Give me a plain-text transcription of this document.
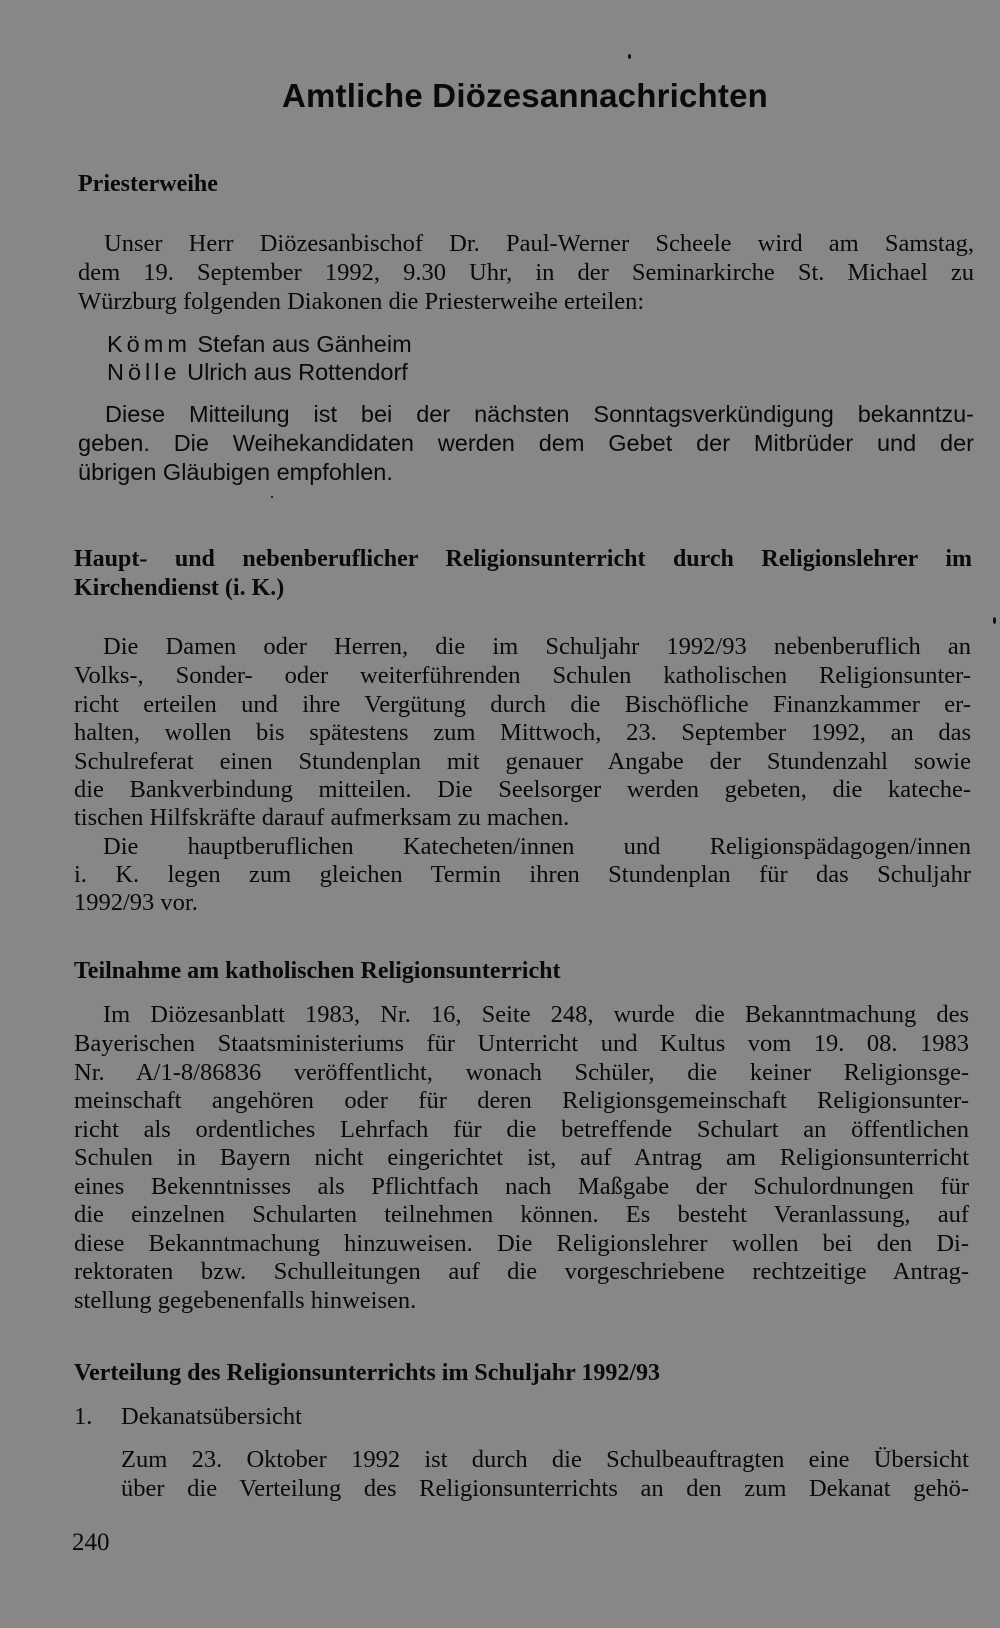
Amtliche Diözesannachrichten
Priesterweihe
Unser Herr Diözesanbischof Dr. Paul-Werner Scheele wird am Samstag,
dem 19. September 1992, 9.30 Uhr, in der Seminarkirche St. Michael zu
Würzburg folgenden Diakonen die Priesterweihe erteilen:
Kömm Stefan aus Gänheim
Nölle Ulrich aus Rottendorf
Diese Mitteilung ist bei der nächsten Sonntagsverkündigung bekanntzu-
geben. Die Weihekandidaten werden dem Gebet der Mitbrüder und der
übrigen Gläubigen empfohlen.
Haupt- und nebenberuflicher Religionsunterricht durch Religionslehrer im
Kirchendienst (i. K.)
Die Damen oder Herren, die im Schuljahr 1992/93 nebenberuflich an
Volks-, Sonder- oder weiterführenden Schulen katholischen Religionsunter-
richt erteilen und ihre Vergütung durch die Bischöfliche Finanzkammer er-
halten, wollen bis spätestens zum Mittwoch, 23. September 1992, an das
Schulreferat einen Stundenplan mit genauer Angabe der Stundenzahl sowie
die Bankverbindung mitteilen. Die Seelsorger werden gebeten, die kateche-
tischen Hilfskräfte darauf aufmerksam zu machen.
Die hauptberuflichen Katecheten/innen und Religionspädagogen/innen
i. K. legen zum gleichen Termin ihren Stundenplan für das Schuljahr
1992/93 vor.
Teilnahme am katholischen Religionsunterricht
Im Diözesanblatt 1983, Nr. 16, Seite 248, wurde die Bekanntmachung des
Bayerischen Staatsministeriums für Unterricht und Kultus vom 19. 08. 1983
Nr. A/1-8/86836 veröffentlicht, wonach Schüler, die keiner Religionsge-
meinschaft angehören oder für deren Religionsgemeinschaft Religionsunter-
richt als ordentliches Lehrfach für die betreffende Schulart an öffentlichen
Schulen in Bayern nicht eingerichtet ist, auf Antrag am Religionsunterricht
eines Bekenntnisses als Pflichtfach nach Maßgabe der Schulordnungen für
die einzelnen Schularten teilnehmen können. Es besteht Veranlassung, auf
diese Bekanntmachung hinzuweisen. Die Religionslehrer wollen bei den Di-
rektoraten bzw. Schulleitungen auf die vorgeschriebene rechtzeitige Antrag-
stellung gegebenenfalls hinweisen.
Verteilung des Religionsunterrichts im Schuljahr 1992/93
1. Dekanatsübersicht
Zum 23. Oktober 1992 ist durch die Schulbeauftragten eine Übersicht
über die Verteilung des Religionsunterrichts an den zum Dekanat gehö-
240
